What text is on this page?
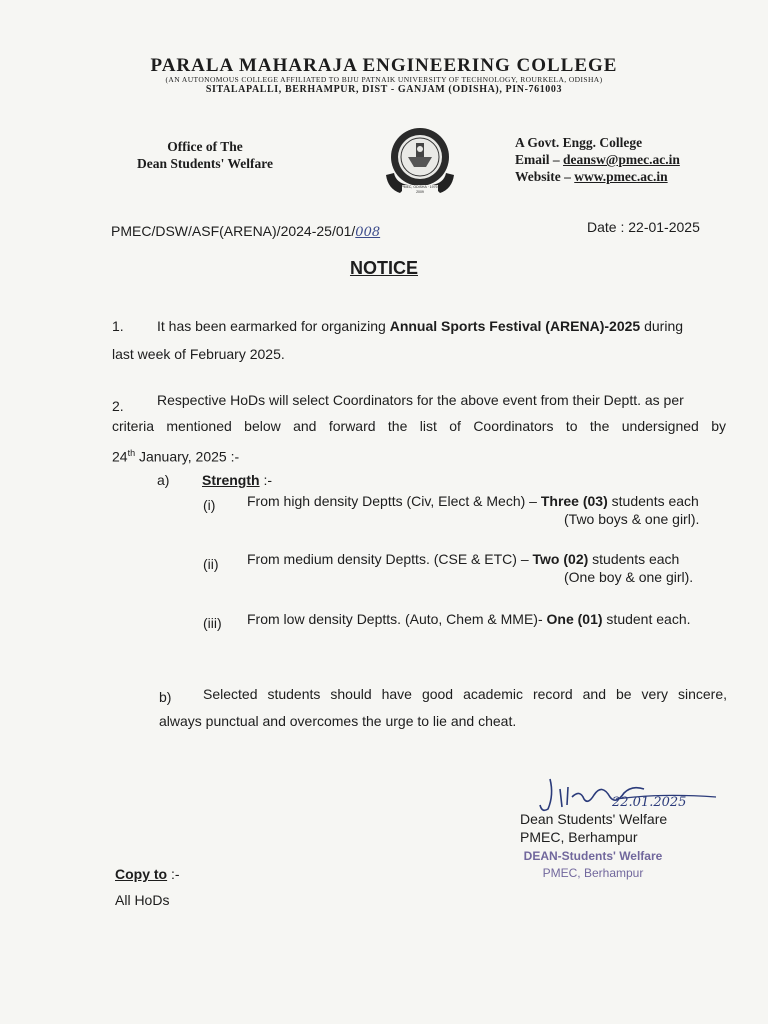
PARALA MAHARAJA ENGINEERING COLLEGE
(AN AUTONOMOUS COLLEGE AFFILIATED TO BIJU PATNAIK UNIVERSITY OF TECHNOLOGY, ROURKELA, ODISHA)
SITALAPALLI, BERHAMPUR, DIST - GANJAM (ODISHA), PIN-761003
Office of The
Dean Students' Welfare
PMEC, ODISHA · 1979-2009
A Govt. Engg. College
Email – deansw@pmec.ac.in
Website – www.pmec.ac.in
PMEC/DSW/ASF(ARENA)/2024-25/01/008	Date : 22-01-2025
NOTICE
1. It has been earmarked for organizing Annual Sports Festival (ARENA)-2025 during
last week of February 2025.
2. Respective HoDs will select Coordinators for the above event from their Deptt. as per
criteria mentioned below and forward the list of Coordinators to the undersigned by
24th January, 2025 :-
a) Strength :-
(i) From high density Deptts (Civ, Elect & Mech) – Three (03) students each
(Two boys & one girl).
(ii) From medium density Deptts. (CSE & ETC) – Two (02) students each
(One boy & one girl).
(iii) From low density Deptts. (Auto, Chem & MME)- One (01) student each.
b) Selected students should have good academic record and be very sincere,
always punctual and overcomes the urge to lie and cheat.
22.01.2025
Dean Students' Welfare
PMEC, Berhampur
DEAN-Students' Welfare
PMEC, Berhampur
Copy to :-
All HoDs
